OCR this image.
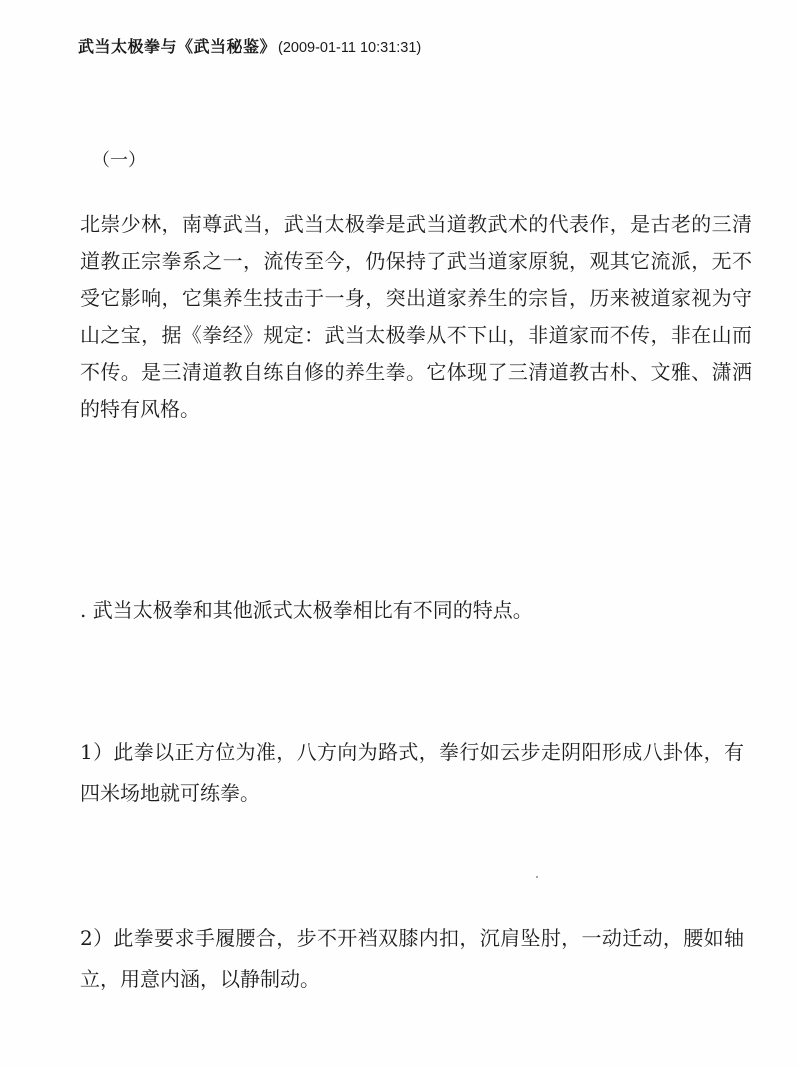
武当太极拳与《武当秘鉴》 (2009-01-11 10:31:31)
（一）
北崇少林，南尊武当，武当太极拳是武当道教武术的代表作，是古老的三清道教正宗拳系之一，流传至今，仍保持了武当道家原貌，观其它流派，无不受它影响，它集养生技击于一身，突出道家养生的宗旨，历来被道家视为守山之宝，据《拳经》规定：武当太极拳从不下山，非道家而不传，非在山而不传。是三清道教自练自修的养生拳。它体现了三清道教古朴、文雅、潇洒的特有风格。
. 武当太极拳和其他派式太极拳相比有不同的特点。
1）此拳以正方位为准，八方向为路式，拳行如云步走阴阳形成八卦体，有四米场地就可练拳。
2）此拳要求手履腰合，步不开裆双膝内扣，沉肩坠肘，一动迁动，腰如轴立，用意内涵，以静制动。
